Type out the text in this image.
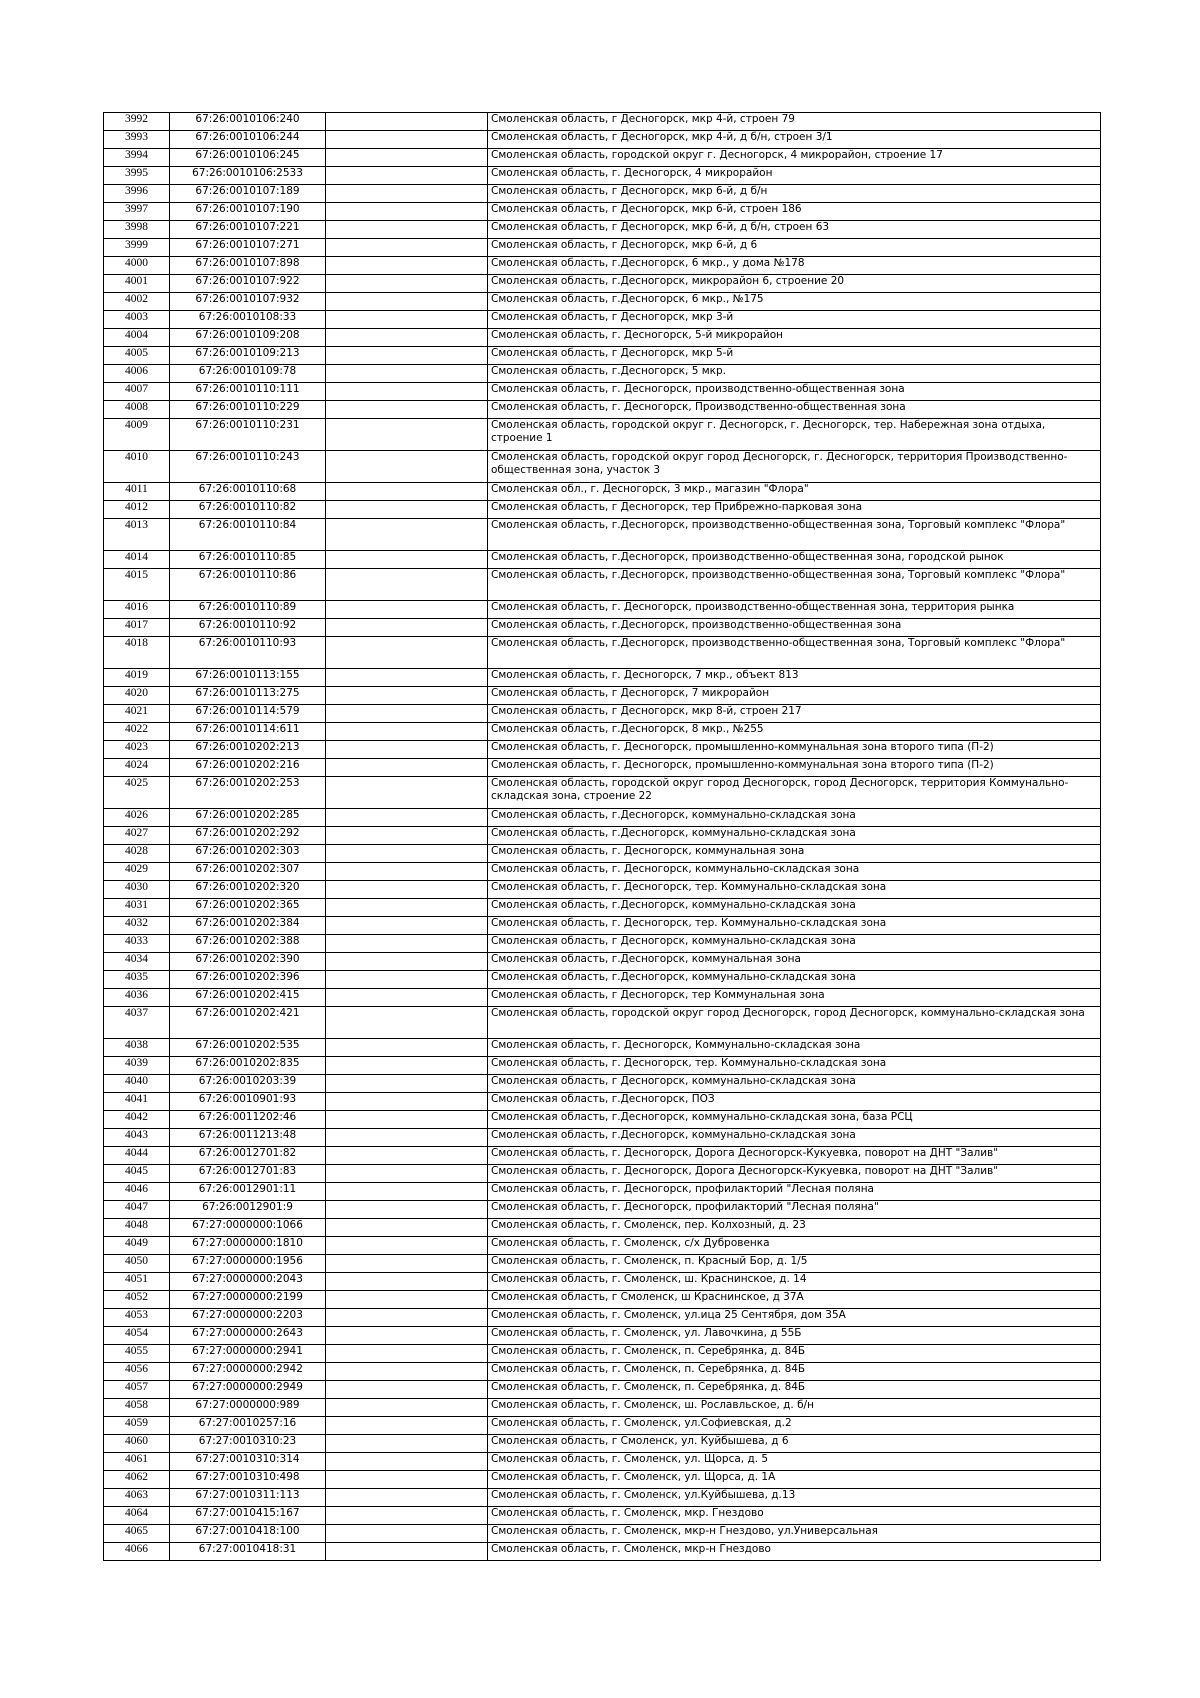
3992	67:26:0010106:240		Смоленская область, г Десногорск, мкр 4-й, строен 79
3993	67:26:0010106:244		Смоленская область, г Десногорск, мкр 4-й, д б/н, строен 3/1
3994	67:26:0010106:245		Смоленская область, городской округ г. Десногорск, 4 микрорайон, строение 17
3995	67:26:0010106:2533		Смоленская область, г. Десногорск, 4 микрорайон
3996	67:26:0010107:189		Смоленская область, г Десногорск, мкр 6-й, д б/н
3997	67:26:0010107:190		Смоленская область, г Десногорск, мкр 6-й, строен 186
3998	67:26:0010107:221		Смоленская область, г Десногорск, мкр 6-й, д б/н, строен 63
3999	67:26:0010107:271		Смоленская область, г Десногорск, мкр 6-й, д 6
4000	67:26:0010107:898		Смоленская область, г.Десногорск, 6 мкр., у дома №178
4001	67:26:0010107:922		Смоленская область, г.Десногорск, микрорайон 6, строение 20
4002	67:26:0010107:932		Смоленская область, г.Десногорск, 6 мкр., №175
4003	67:26:0010108:33		Смоленская область, г Десногорск, мкр 3-й
4004	67:26:0010109:208		Смоленская область, г. Десногорск, 5-й микрорайон
4005	67:26:0010109:213		Смоленская область, г Десногорск, мкр 5-й
4006	67:26:0010109:78		Смоленская область, г.Десногорск, 5 мкр.
4007	67:26:0010110:111		Смоленская область, г. Десногорск, производственно-общественная зона
4008	67:26:0010110:229		Смоленская область, г. Десногорск, Производственно-общественная зона
4009	67:26:0010110:231		Смоленская область, городской округ г. Десногорск, г. Десногорск, тер. Набережная зона отдыха, строение 1
4010	67:26:0010110:243		Смоленская область, городской округ город Десногорск, г. Десногорск, территория Производственно-общественная зона, участок 3
4011	67:26:0010110:68		Смоленская обл., г. Десногорск, 3 мкр., магазин "Флора"
4012	67:26:0010110:82		Смоленская область, г Десногорск, тер Прибрежно-парковая зона
4013	67:26:0010110:84		Смоленская область, г.Десногорск, производственно-общественная зона, Торговый комплекс "Флора"
4014	67:26:0010110:85		Смоленская область, г.Десногорск, производственно-общественная зона, городской рынок
4015	67:26:0010110:86		Смоленская область, г.Десногорск, производственно-общественная зона, Торговый комплекс "Флора"
4016	67:26:0010110:89		Смоленская область, г. Десногорск, производственно-общественная зона, территория рынка
4017	67:26:0010110:92		Смоленская область, г.Десногорск, производственно-общественная зона
4018	67:26:0010110:93		Смоленская область, г.Десногорск, производственно-общественная зона, Торговый комплекс "Флора"
4019	67:26:0010113:155		Смоленская область, г. Десногорск, 7 мкр., объект 813
4020	67:26:0010113:275		Смоленская область, г Десногорск, 7 микрорайон
4021	67:26:0010114:579		Смоленская область, г Десногорск, мкр 8-й, строен 217
4022	67:26:0010114:611		Смоленская область, г.Десногорск, 8 мкр., №255
4023	67:26:0010202:213		Смоленская область, г. Десногорск, промышленно-коммунальная зона второго типа (П-2)
4024	67:26:0010202:216		Смоленская область, г. Десногорск, промышленно-коммунальная зона второго типа (П-2)
4025	67:26:0010202:253		Смоленская область, городской округ город Десногорск, город Десногорск, территория Коммунально-складская зона, строение 22
4026	67:26:0010202:285		Смоленская область, г.Десногорск, коммунально-складская зона
4027	67:26:0010202:292		Смоленская область, г.Десногорск, коммунально-складская зона
4028	67:26:0010202:303		Смоленская область, г. Десногорск, коммунальная зона
4029	67:26:0010202:307		Смоленская область, г. Десногорск, коммунально-складская зона
4030	67:26:0010202:320		Смоленская область, г. Десногорск, тер. Коммунально-складская зона
4031	67:26:0010202:365		Смоленская область, г.Десногорск, коммунально-складская зона
4032	67:26:0010202:384		Смоленская область, г. Десногорск, тер. Коммунально-складская зона
4033	67:26:0010202:388		Смоленская область, г Десногорск, коммунально-складская зона
4034	67:26:0010202:390		Смоленская область, г.Десногорск, коммунальная зона
4035	67:26:0010202:396		Смоленская область, г.Десногорск, коммунально-складская зона
4036	67:26:0010202:415		Смоленская область, г Десногорск, тер Коммунальная зона
4037	67:26:0010202:421		Смоленская область, городской округ город Десногорск, город Десногорск, коммунально-складская зона
4038	67:26:0010202:535		Смоленская область, г. Десногорск, Коммунально-складская зона
4039	67:26:0010202:835		Смоленская область, г. Десногорск, тер. Коммунально-складская зона
4040	67:26:0010203:39		Смоленская область, г Десногорск, коммунально-складская зона
4041	67:26:0010901:93		Смоленская область, г.Десногорск, ПОЗ
4042	67:26:0011202:46		Смоленская область, г.Десногорск, коммунально-складская зона, база РСЦ
4043	67:26:0011213:48		Смоленская область, г.Десногорск, коммунально-складская зона
4044	67:26:0012701:82		Смоленская область, г. Десногорск, Дорога Десногорск-Кукуевка, поворот на ДНТ "Залив"
4045	67:26:0012701:83		Смоленская область, г. Десногорск, Дорога Десногорск-Кукуевка, поворот на ДНТ "Залив"
4046	67:26:0012901:11		Смоленская область, г. Десногорск, профилакторий "Лесная поляна
4047	67:26:0012901:9		Смоленская область, г. Десногорск, профилакторий "Лесная поляна"
4048	67:27:0000000:1066		Смоленская область, г. Смоленск, пер. Колхозный, д. 23
4049	67:27:0000000:1810		Смоленская область, г. Смоленск, с/х Дубровенка
4050	67:27:0000000:1956		Смоленская область, г. Смоленск, п. Красный Бор, д. 1/5
4051	67:27:0000000:2043		Смоленская область, г. Смоленск, ш. Краснинское, д. 14
4052	67:27:0000000:2199		Смоленская область, г Смоленск, ш Краснинское, д 37А
4053	67:27:0000000:2203		Смоленская область, г. Смоленск, ул.ица 25 Сентября, дом 35А
4054	67:27:0000000:2643		Смоленская область, г. Смоленск, ул. Лавочкина, д 55Б
4055	67:27:0000000:2941		Смоленская область, г. Смоленск, п. Серебрянка, д. 84Б
4056	67:27:0000000:2942		Смоленская область, г. Смоленск, п. Серебрянка, д. 84Б
4057	67:27:0000000:2949		Смоленская область, г. Смоленск, п. Серебрянка, д. 84Б
4058	67:27:0000000:989		Смоленская область, г. Смоленск, ш. Рославльское, д. б/н
4059	67:27:0010257:16		Смоленская область, г. Смоленск, ул.Софиевская, д.2
4060	67:27:0010310:23		Смоленская область, г Смоленск, ул. Куйбышева, д 6
4061	67:27:0010310:314		Смоленская область, г. Смоленск, ул. Щорса, д. 5
4062	67:27:0010310:498		Смоленская область, г. Смоленск, ул. Щорса, д. 1А
4063	67:27:0010311:113		Смоленская область, г. Смоленск, ул.Куйбышева, д.13
4064	67:27:0010415:167		Смоленская область, г. Смоленск, мкр. Гнездово
4065	67:27:0010418:100		Смоленская область, г. Смоленск, мкр-н Гнездово, ул.Универсальная
4066	67:27:0010418:31		Смоленская область, г. Смоленск, мкр-н Гнездово
